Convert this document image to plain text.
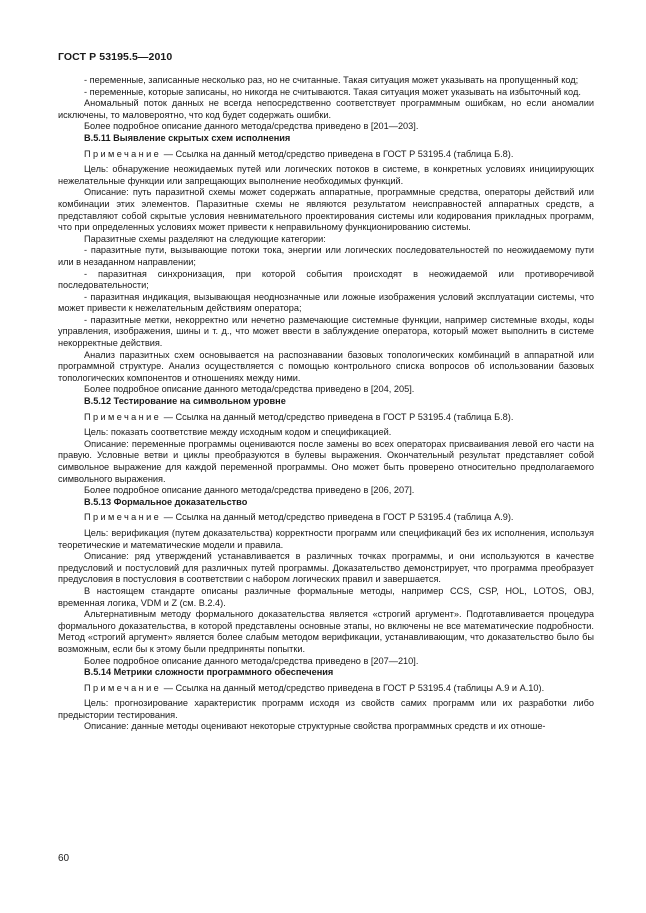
ГОСТ Р 53195.5—2010

- переменные, записанные несколько раз, но не считанные. Такая ситуация может указывать на пропущенный код;

- переменные, которые записаны, но никогда не считываются. Такая ситуация может указывать на избыточный код.

Аномальный поток данных не всегда непосредственно соответствует программным ошибкам, но если аномалии исключены, то маловероятно, что код будет содержать ошибки.

Более подробное описание данного метода/средства приведено в [201—203].

B.5.11 Выявление скрытых схем исполнения

Примечание — Ссылка на данный метод/средство приведена в ГОСТ Р 53195.4 (таблица Б.8).

Цель: обнаружение неожидаемых путей или логических потоков в системе, в конкретных условиях инициирующих нежелательные функции или запрещающих выполнение необходимых функций.

Описание: путь паразитной схемы может содержать аппаратные, программные средства, операторы действий или комбинации этих элементов. Паразитные схемы не являются результатом неисправностей аппаратных средств, а представляют собой скрытые условия невнимательного проектирования системы или кодирования прикладных программ, что при определенных условиях может привести к неправильному функционированию системы.

Паразитные схемы разделяют на следующие категории:

- паразитные пути, вызывающие потоки тока, энергии или логических последовательностей по неожидаемому пути или в незаданном направлении;

- паразитная синхронизация, при которой события происходят в неожидаемой или противоречивой последовательности;

- паразитная индикация, вызывающая неоднозначные или ложные изображения условий эксплуатации системы, что может привести к нежелательным действиям оператора;

- паразитные метки, некорректно или нечетно размечающие системные функции, например системные входы, коды управления, изображения, шины и т. д., что может ввести в заблуждение оператора, который может выполнить в системе некорректные действия.

Анализ паразитных схем основывается на распознавании базовых топологических комбинаций в аппаратной или программной структуре. Анализ осуществляется с помощью контрольного списка вопросов об использовании базовых топологических компонентов и отношениях между ними.

Более подробное описание данного метода/средства приведено в [204, 205].

B.5.12 Тестирование на символьном уровне

Примечание — Ссылка на данный метод/средство приведена в ГОСТ Р 53195.4 (таблица Б.8).

Цель: показать соответствие между исходным кодом и спецификацией.

Описание: переменные программы оцениваются после замены во всех операторах присваивания левой его части на правую. Условные ветви и циклы преобразуются в булевы выражения. Окончательный результат представляет собой символьное выражение для каждой переменной программы. Оно может быть проверено относительно предполагаемого символьного выражения.

Более подробное описание данного метода/средства приведено в [206, 207].

B.5.13 Формальное доказательство

Примечание — Ссылка на данный метод/средство приведена в ГОСТ Р 53195.4 (таблица А.9).

Цель: верификация (путем доказательства) корректности программ или спецификаций без их исполнения, используя теоретические и математические модели и правила.

Описание: ряд утверждений устанавливается в различных точках программы, и они используются в качестве предусловий и постусловий для различных путей программы. Доказательство демонстрирует, что программа преобразует предусловия в постусловия в соответствии с набором логических правил и завершается.

В настоящем стандарте описаны различные формальные методы, например CCS, CSP, HOL, LOTOS, OBJ, временная логика, VDM и Z (см. B.2.4).

Альтернативным методу формального доказательства является «строгий аргумент». Подготавливается процедура формального доказательства, в которой представлены основные этапы, но включены не все математические подробности. Метод «строгий аргумент» является более слабым методом верификации, устанавливающим, что доказательство было бы возможным, если бы к этому были предприняты попытки.

Более подробное описание данного метода/средства приведено в [207—210].

B.5.14 Метрики сложности программного обеспечения

Примечание — Ссылка на данный метод/средство приведена в ГОСТ Р 53195.4 (таблицы А.9 и А.10).

Цель: прогнозирование характеристик программ исходя из свойств самих программ или их разработки либо предыстории тестирования.

Описание: данные методы оценивают некоторые структурные свойства программных средств и их отноше-

60
